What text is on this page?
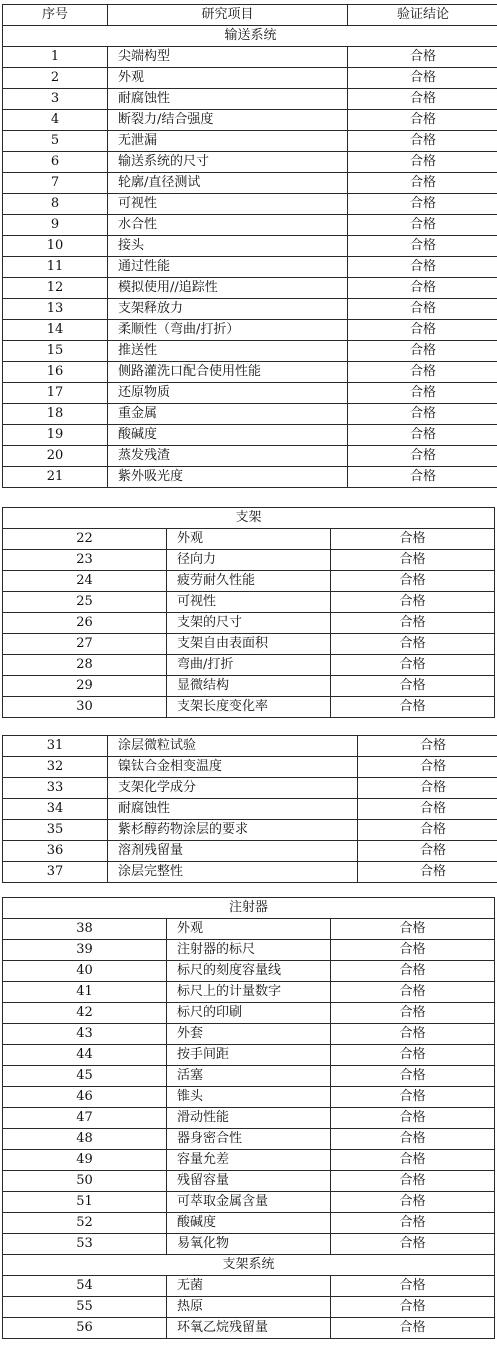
序号	研究项目	验证结论
输送系统		
1	尖端构型	合格
2	外观	合格
3	耐腐蚀性	合格
4	断裂力/结合强度	合格
5	无泄漏	合格
6	输送系统的尺寸	合格
7	轮廓/直径测试	合格
8	可视性	合格
9	水合性	合格
10	接头	合格
11	通过性能	合格
12	模拟使用//追踪性	合格
13	支架释放力	合格
14	柔顺性（弯曲/打折）	合格
15	推送性	合格
16	侧路灌洗口配合使用性能	合格
17	还原物质	合格
18	重金属	合格
19	酸碱度	合格
20	蒸发残渣	合格
21	紫外吸光度	合格
支架		
22	外观	合格
23	径向力	合格
24	疲劳耐久性能	合格
25	可视性	合格
26	支架的尺寸	合格
27	支架自由表面积	合格
28	弯曲/打折	合格
29	显微结构	合格
30	支架长度变化率	合格
31	涂层微粒试验	合格
32	镍钛合金相变温度	合格
33	支架化学成分	合格
34	耐腐蚀性	合格
35	紫杉醇药物涂层的要求	合格
36	溶剂残留量	合格
37	涂层完整性	合格
注射器		
38	外观	合格
39	注射器的标尺	合格
40	标尺的刻度容量线	合格
41	标尺上的计量数字	合格
42	标尺的印刷	合格
43	外套	合格
44	按手间距	合格
45	活塞	合格
46	锥头	合格
47	滑动性能	合格
48	器身密合性	合格
49	容量允差	合格
50	残留容量	合格
51	可萃取金属含量	合格
52	酸碱度	合格
53	易氧化物	合格
支架系统		
54	无菌	合格
55	热原	合格
56	环氧乙烷残留量	合格
